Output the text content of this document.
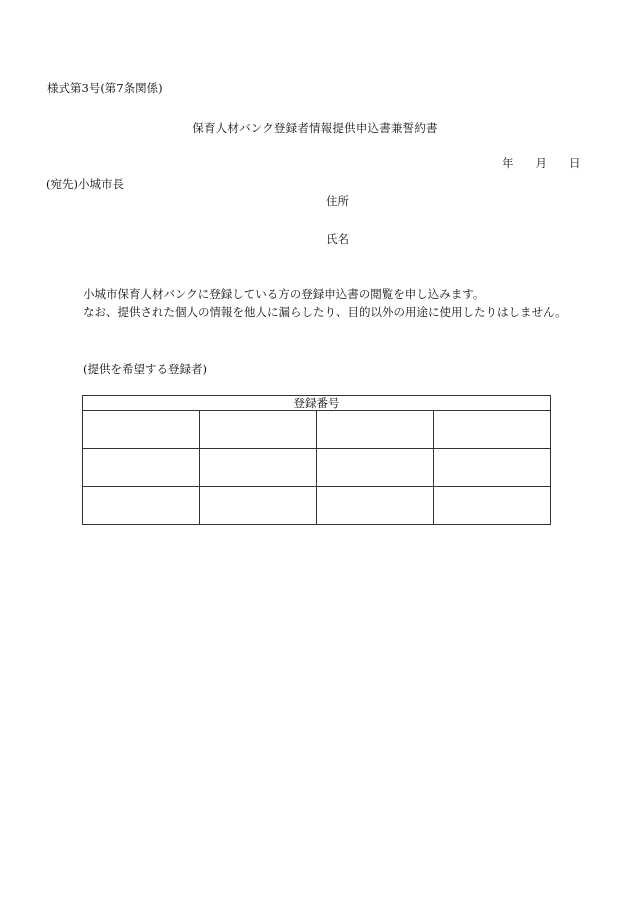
様式第3号(第7条関係)
保育人材バンク登録者情報提供申込書兼誓約書
年 月 日
(宛先)小城市長
住所
氏名
小城市保育人材バンクに登録している方の登録申込書の閲覧を申し込みます。
なお、提供された個人の情報を他人に漏らしたり、目的以外の用途に使用したりはしません。
(提供を希望する登録者)
登録番号			
